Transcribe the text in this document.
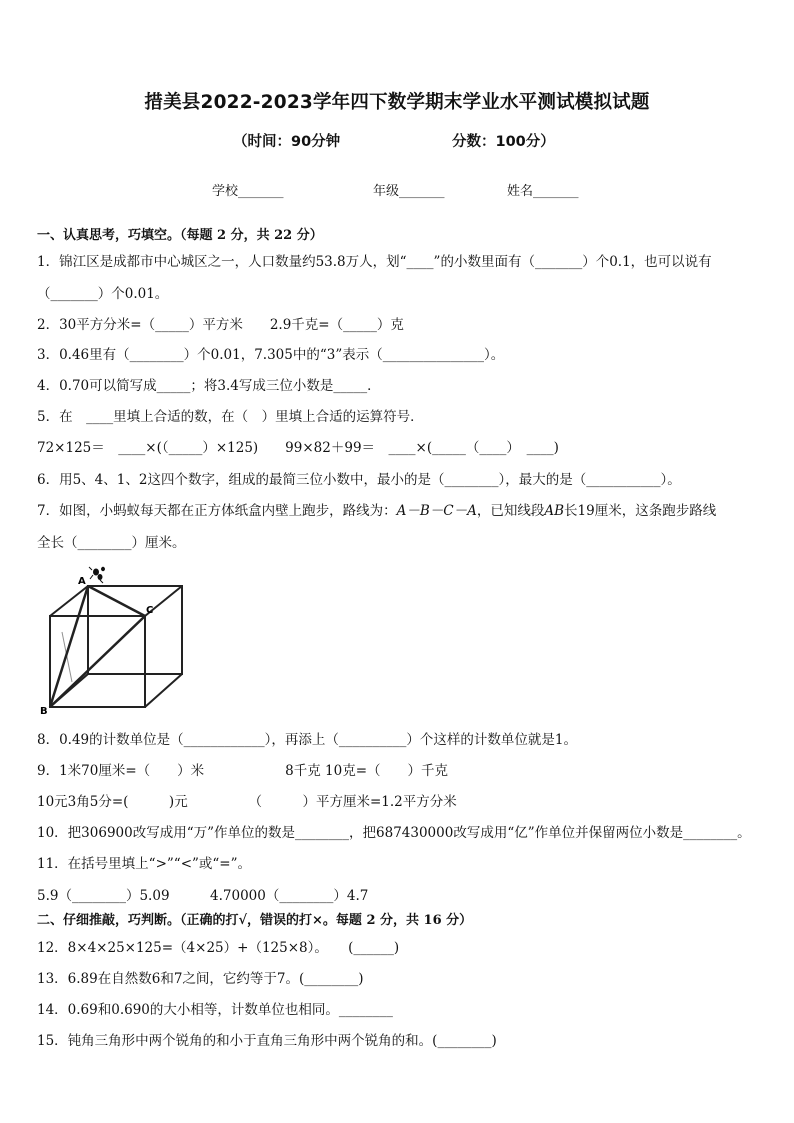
措美县2022-2023学年四下数学期末学业水平测试模拟试题
（时间：90分钟	分数：100分）
学校_______	年级_______	姓名_______
一、认真思考，巧填空。（每题 2 分，共 22 分）
1．锦江区是成都市中心城区之一，人口数量约53.8万人，划“____”的小数里面有（_______）个0.1，也可以说有
（_______）个0.01。
2．30平方分米=（_____）平方米　　2.9千克=（_____）克
3．0.46里有（________）个0.01，7.305中的“3”表示（_______________）。
4．0.70可以简写成_____；将3.4写成三位小数是_____．
5．在　____里填上合适的数，在（　）里填上合适的运算符号．
72×125＝　____×(（_____）×125)　　99×82＋99＝　____×(_____（____）　____)
6．用5、4、1、2这四个数字，组成的最简三位小数中，最小的是（________），最大的是（___________）。
7．如图，小蚂蚁每天都在正方体纸盒内壁上跑步，路线为：A－B－C－A，已知线段AB长19厘米，这条跑步路线
全长（________）厘米。
A
B
C
8．0.49的计数单位是（____________），再添上（__________）个这样的计数单位就是1。
9．1米70厘米=（　　）米　　　　　　8千克 10克=（　　）千克
10元3角5分=(　　　)元　　　　　（　　　）平方厘米=1.2平方分米
10．把306900改写成用“万”作单位的数是________，把687430000改写成用“亿”作单位并保留两位小数是________。
11．在括号里填上“>”“<”或“=”。
5.9（________）5.09　　　4.70000（________）4.7
二、仔细推敲，巧判断。（正确的打√，错误的打×。每题 2 分，共 16 分）
12．8×4×25×125=（4×25）+（125×8）。　　(______)
13．6.89在自然数6和7之间，它约等于7。(________)
14．0.69和0.690的大小相等，计数单位也相同。________
15．钝角三角形中两个锐角的和小于直角三角形中两个锐角的和。(________)
